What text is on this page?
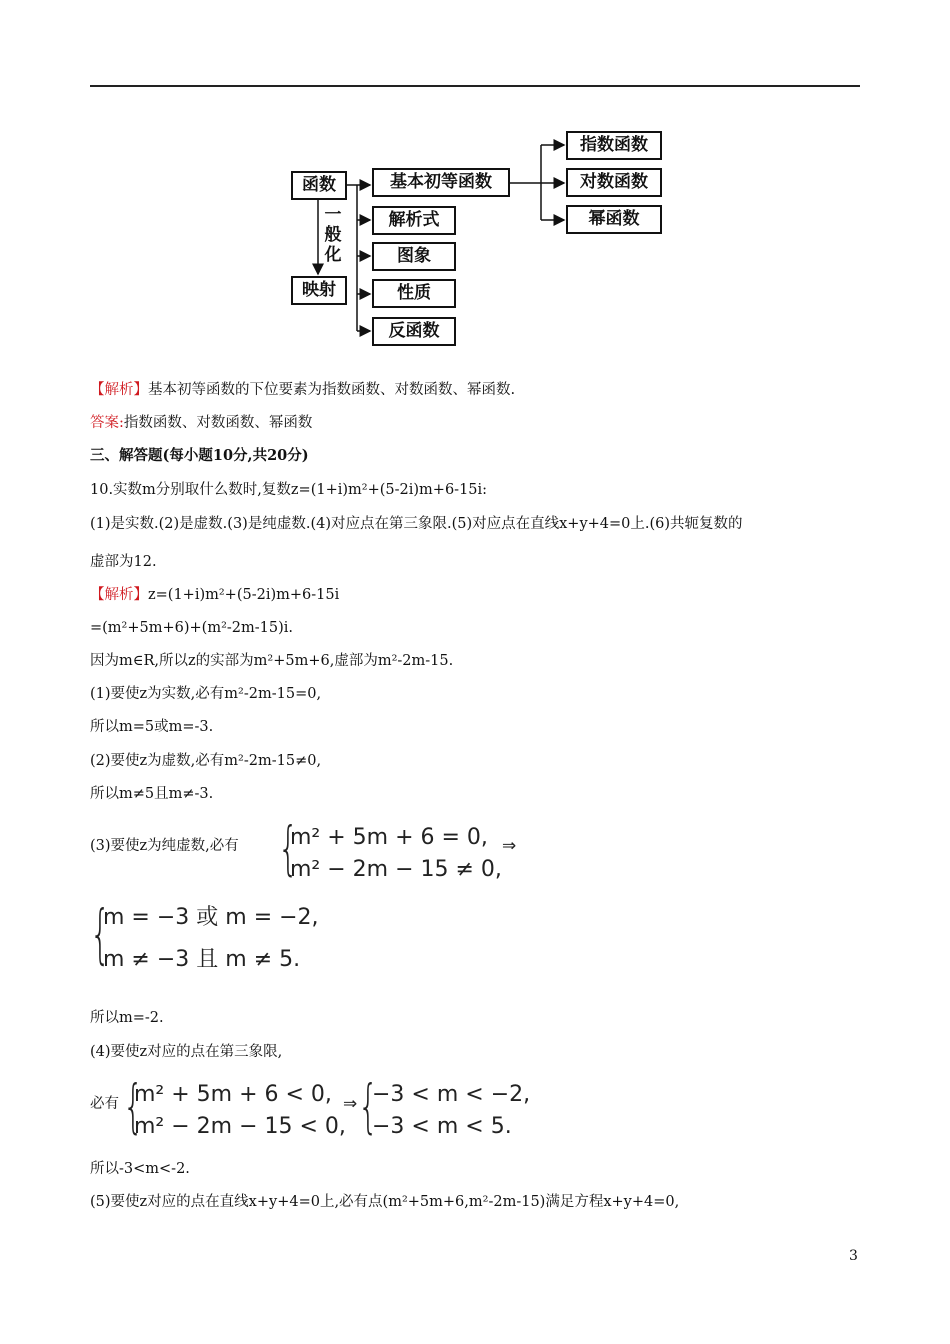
函数	基本初等函数
指数函数
对数函数
幂函数
解析式
图象
性质
反函数
映射
一
般
化
【解析】基本初等函数的下位要素为指数函数、对数函数、幂函数.
答案:指数函数、对数函数、幂函数
三、解答题(每小题10分,共20分)
10.实数m分别取什么数时,复数z=(1+i)m²+(5-2i)m+6-15i:
(1)是实数.(2)是虚数.(3)是纯虚数.(4)对应点在第三象限.(5)对应点在直线x+y+4=0上.(6)共轭复数的
虚部为12.
【解析】z=(1+i)m²+(5-2i)m+6-15i
=(m²+5m+6)+(m²-2m-15)i.
因为m∈R,所以z的实部为m²+5m+6,虚部为m²-2m-15.
(1)要使z为实数,必有m²-2m-15=0,
所以m=5或m=-3.
(2)要使z为虚数,必有m²-2m-15≠0,
所以m≠5且m≠-3.
(3)要使z为纯虚数,必有 {
m² + 5m + 6 = 0,
m² − 2m − 15 ≠ 0,
⇒
{
m = −3 或 m = −2,
m ≠ −3 且 m ≠ 5.
所以m=-2.
(4)要使z对应的点在第三象限,
必有 {
m² + 5m + 6 < 0,
m² − 2m − 15 < 0,
⇒ {
−3 < m < −2,
−3 < m < 5.
所以-3<m<-2.
(5)要使z对应的点在直线x+y+4=0上,必有点(m²+5m+6,m²-2m-15)满足方程x+y+4=0,
3
